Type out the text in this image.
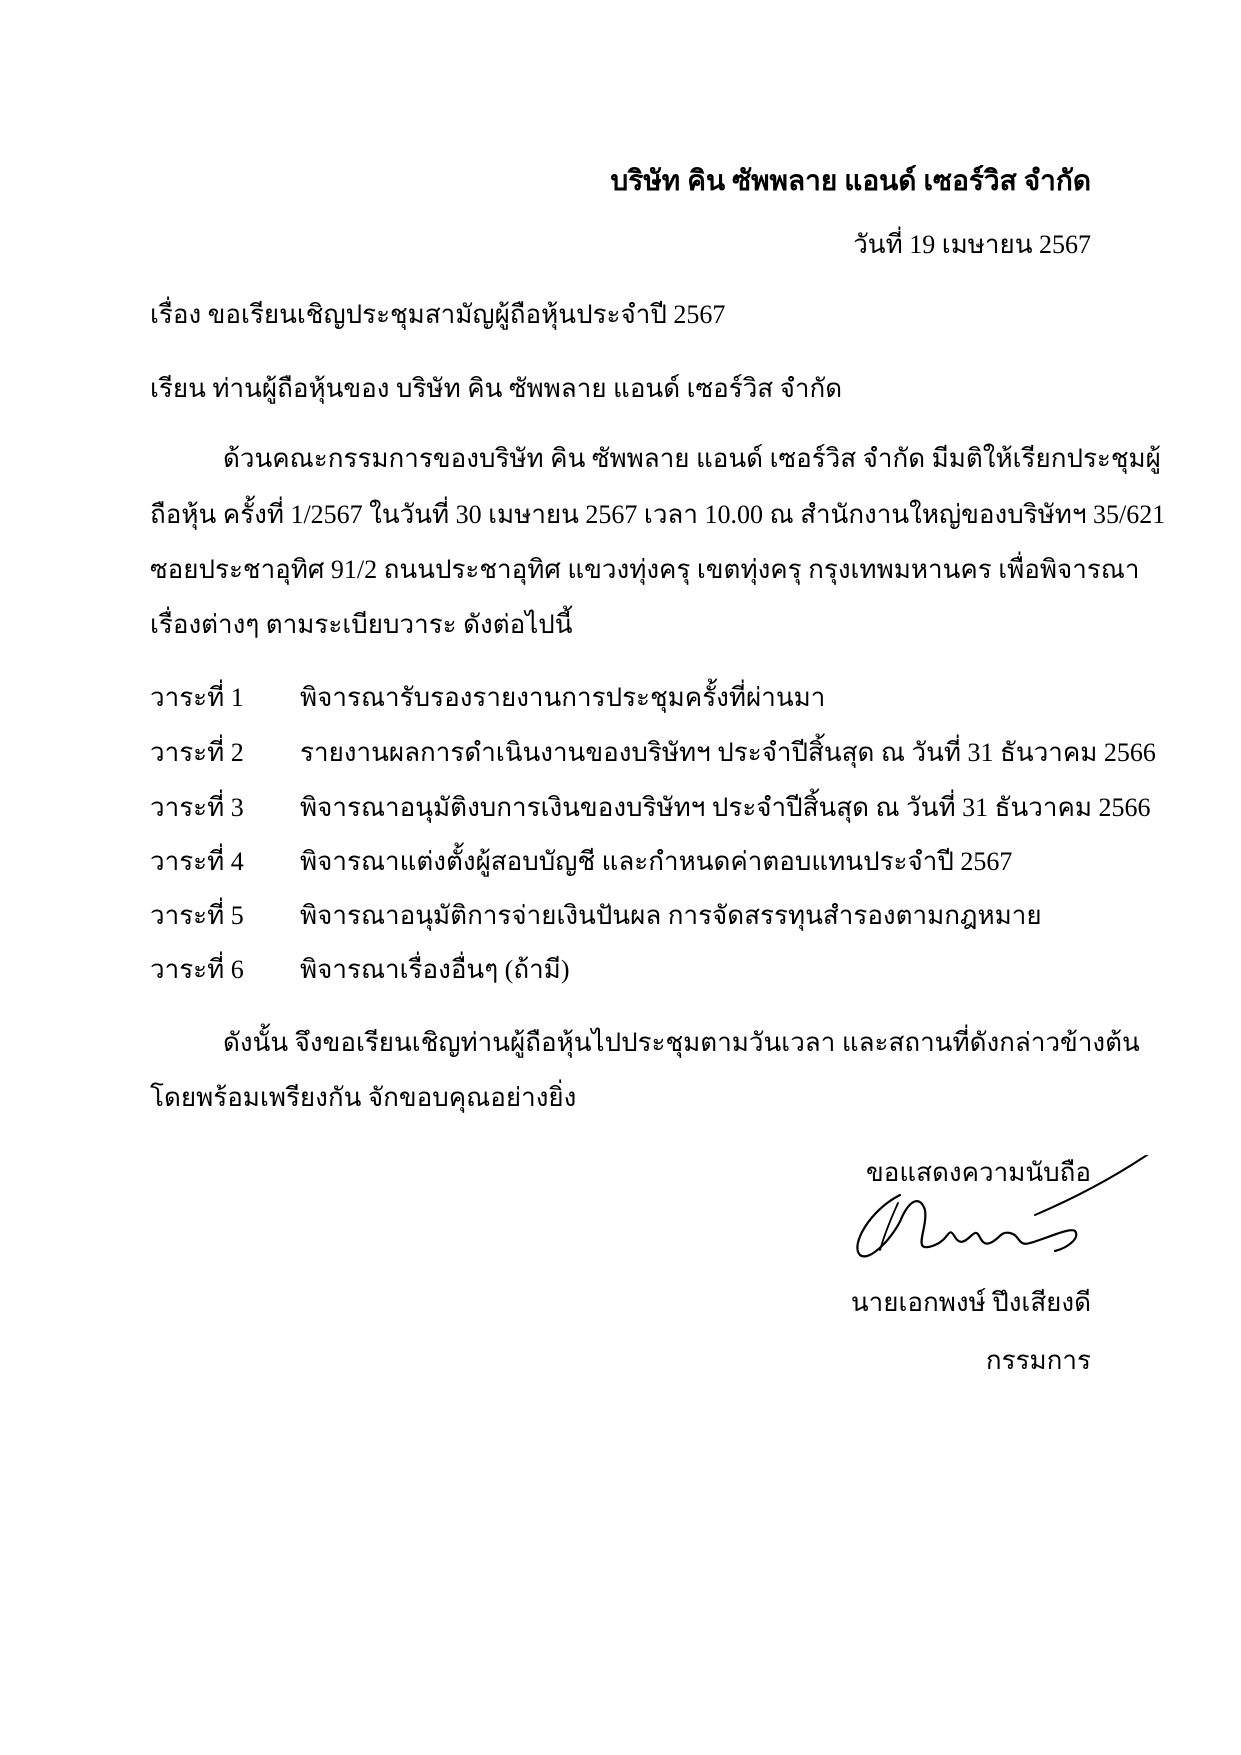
บริษัท คิน ซัพพลาย แอนด์ เซอร์วิส จำกัด
วันที่ 19 เมษายน 2567
เรื่อง ขอเรียนเชิญประชุมสามัญผู้ถือหุ้นประจำปี 2567
เรียน ท่านผู้ถือหุ้นของ บริษัท คิน ซัพพลาย แอนด์ เซอร์วิส จำกัด
ด้วนคณะกรรมการของบริษัท คิน ซัพพลาย แอนด์ เซอร์วิส จำกัด มีมติให้เรียกประชุมผู้
ถือหุ้น ครั้งที่ 1/2567 ในวันที่ 30 เมษายน 2567 เวลา 10.00 ณ สำนักงานใหญ่ของบริษัทฯ 35/621
ซอยประชาอุทิศ 91/2 ถนนประชาอุทิศ แขวงทุ่งครุ เขตทุ่งครุ กรุงเทพมหานคร เพื่อพิจารณา
เรื่องต่างๆ ตามระเบียบวาระ ดังต่อไปนี้
วาระที่ 1 พิจารณารับรองรายงานการประชุมครั้งที่ผ่านมา
วาระที่ 2 รายงานผลการดำเนินงานของบริษัทฯ ประจำปีสิ้นสุด ณ วันที่ 31 ธันวาคม 2566
วาระที่ 3 พิจารณาอนุมัติงบการเงินของบริษัทฯ ประจำปีสิ้นสุด ณ วันที่ 31 ธันวาคม 2566
วาระที่ 4 พิจารณาแต่งตั้งผู้สอบบัญชี และกำหนดค่าตอบแทนประจำปี 2567
วาระที่ 5 พิจารณาอนุมัติการจ่ายเงินปันผล การจัดสรรทุนสำรองตามกฎหมาย
วาระที่ 6 พิจารณาเรื่องอื่นๆ (ถ้ามี)
ดังนั้น จึงขอเรียนเชิญท่านผู้ถือหุ้นไปประชุมตามวันเวลา และสถานที่ดังกล่าวข้างต้น
โดยพร้อมเพรียงกัน จักขอบคุณอย่างยิ่ง
ขอแสดงความนับถือ
นายเอกพงษ์ ปึงเสียงดี
กรรมการ
